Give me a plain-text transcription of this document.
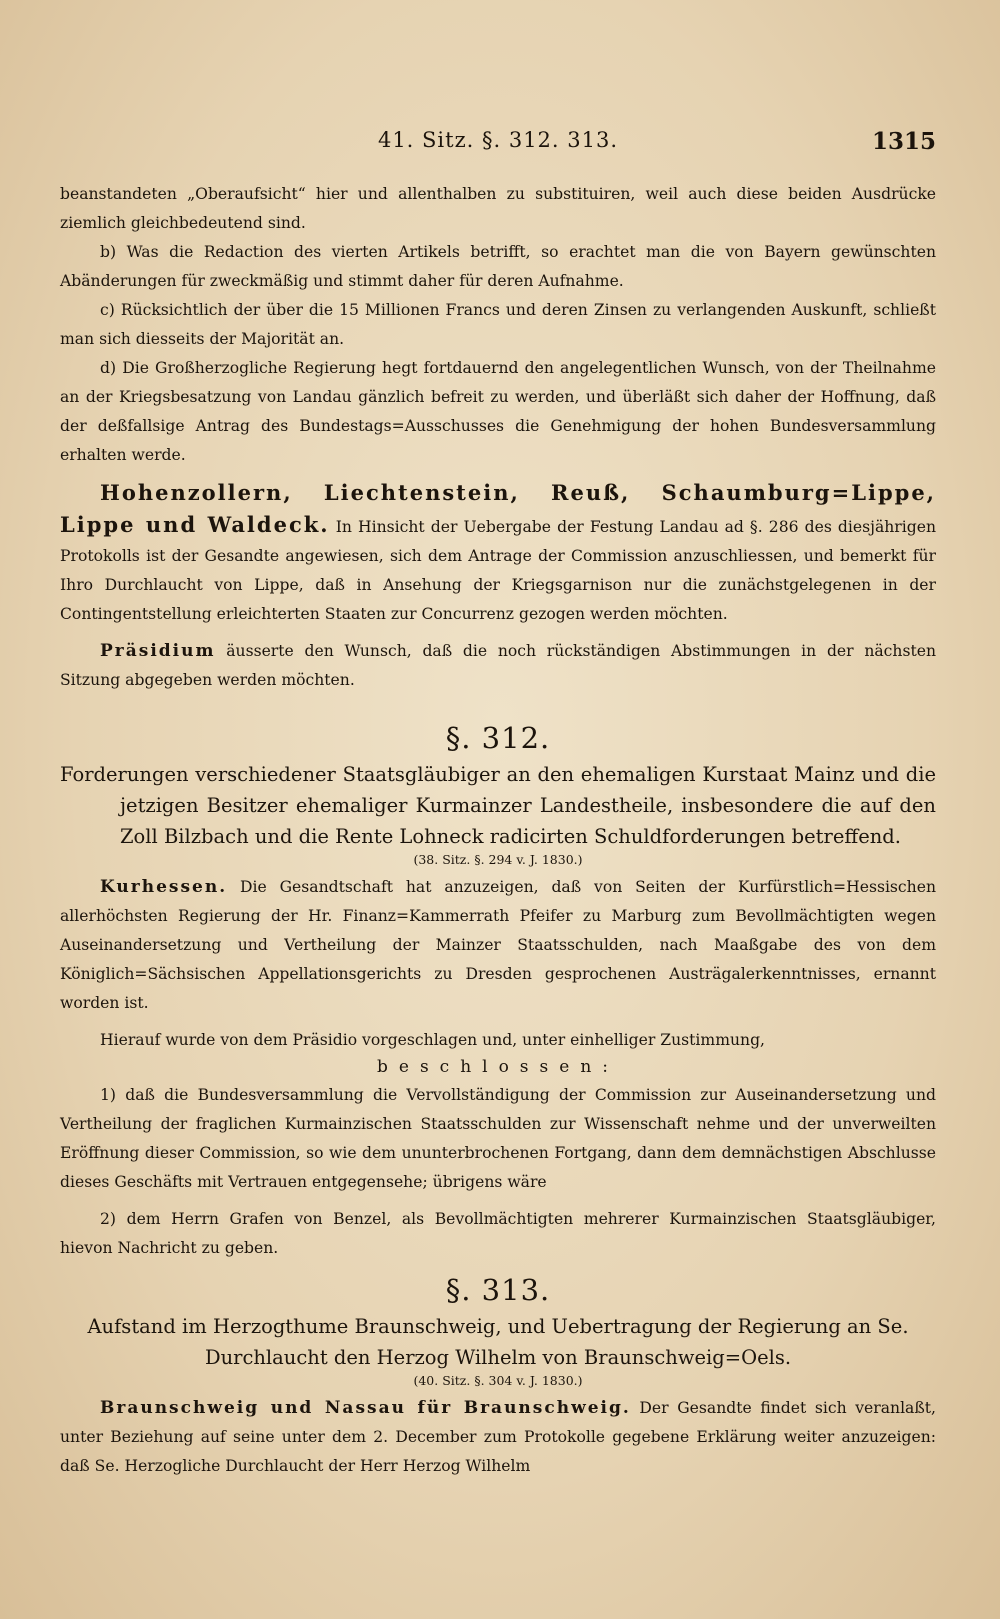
41. Sitz. §. 312. 313.	1315

beanstandeten „Oberaufsicht“ hier und allenthalben zu substituiren, weil auch diese beiden Ausdrücke ziemlich gleichbedeutend sind.

b) Was die Redaction des vierten Artikels betrifft, so erachtet man die von Bayern gewünschten Abänderungen für zweckmäßig und stimmt daher für deren Aufnahme.

c) Rücksichtlich der über die 15 Millionen Francs und deren Zinsen zu verlangenden Auskunft, schließt man sich diesseits der Majorität an.

d) Die Großherzogliche Regierung hegt fortdauernd den angelegentlichen Wunsch, von der Theilnahme an der Kriegsbesatzung von Landau gänzlich befreit zu werden, und überläßt sich daher der Hoffnung, daß der deßfallsige Antrag des Bundestags=Ausschusses die Genehmigung der hohen Bundesversammlung erhalten werde.

Hohenzollern, Liechtenstein, Reuß, Schaumburg=Lippe, Lippe und Waldeck. In Hinsicht der Uebergabe der Festung Landau ad §. 286 des diesjährigen Protokolls ist der Gesandte angewiesen, sich dem Antrage der Commission anzuschliessen, und bemerkt für Ihro Durchlaucht von Lippe, daß in Ansehung der Kriegsgarnison nur die zunächstgelegenen in der Contingentstellung erleichterten Staaten zur Concurrenz gezogen werden möchten.

Präsidium äusserte den Wunsch, daß die noch rückständigen Abstimmungen in der nächsten Sitzung abgegeben werden möchten.

§. 312.

Forderungen verschiedener Staatsgläubiger an den ehemaligen Kurstaat Mainz und die jetzigen Besitzer ehemaliger Kurmainzer Landestheile, insbesondere die auf den Zoll Bilzbach und die Rente Lohneck radicirten Schuldforderungen betreffend.

(38. Sitz. §. 294 v. J. 1830.)

Kurhessen. Die Gesandtschaft hat anzuzeigen, daß von Seiten der Kurfürstlich=Hessischen allerhöchsten Regierung der Hr. Finanz=Kammerrath Pfeifer zu Marburg zum Bevollmächtigten wegen Auseinandersetzung und Vertheilung der Mainzer Staatsschulden, nach Maaßgabe des von dem Königlich=Sächsischen Appellationsgerichts zu Dresden gesprochenen Austrägalerkenntnisses, ernannt worden ist.

Hierauf wurde von dem Präsidio vorgeschlagen und, unter einhelliger Zustimmung,

beschlossen:

1) daß die Bundesversammlung die Vervollständigung der Commission zur Auseinandersetzung und Vertheilung der fraglichen Kurmainzischen Staatsschulden zur Wissenschaft nehme und der unverweilten Eröffnung dieser Commission, so wie dem ununterbrochenen Fortgang, dann dem demnächstigen Abschlusse dieses Geschäfts mit Vertrauen entgegensehe; übrigens wäre

2) dem Herrn Grafen von Benzel, als Bevollmächtigten mehrerer Kurmainzischen Staatsgläubiger, hievon Nachricht zu geben.

§. 313.

Aufstand im Herzogthume Braunschweig, und Uebertragung der Regierung an Se. Durchlaucht den Herzog Wilhelm von Braunschweig=Oels.

(40. Sitz. §. 304 v. J. 1830.)

Braunschweig und Nassau für Braunschweig. Der Gesandte findet sich veranlaßt, unter Beziehung auf seine unter dem 2. December zum Protokolle gegebene Erklärung weiter anzuzeigen: daß Se. Herzogliche Durchlaucht der Herr Herzog Wilhelm
